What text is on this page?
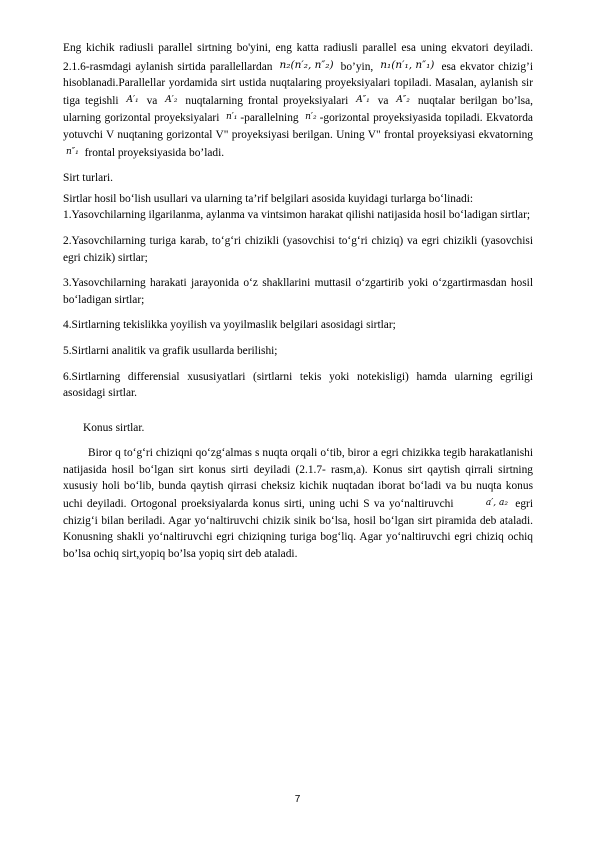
Eng kichik radiusli parallel sirtning bo'yini, eng katta radiusli parallel esa uning ekvatori deyiladi. 2.1.6-rasmdagi aylanish sirtida parallellardan n₂(n′₂, n″₂) bo’yin, n₁(n′₁, n″₁) esa ekvator chizig’i hisoblanadi.Parallellar yordamida sirt ustida nuqtalaring proyeksiyalari topiladi. Masalan, aylanish sir tiga tegishli A′₁ va A′₂ nuqtalarning frontal proyeksiyalari A″₁ va A″₂ nuqtalar berilgan bo’lsa, ularning gorizontal proyeksiyalari n′₁ -parallelning n′₂ -gorizontal proyeksiyasida topiladi. Ekvatorda yotuvchi V nuqtaning gorizontal V" proyeksiyasi berilgan. Uning V" frontal proyeksiyasi ekvatorning n″₁ frontal proyeksiyasida bo’ladi.

Sirt turlari.

Sirtlar hosil bo‘lish usullari va ularning ta’rif belgilari asosida kuyidagi turlarga bo‘linadi:

1.Yasovchilarning ilgarilanma, aylanma va vintsimon harakat qilishi natijasida hosil bo‘ladigan sirtlar;

2.Yasovchilarning turiga karab, to‘g‘ri chizikli (yasovchisi to‘g‘ri chiziq) va egri chizikli (yasovchisi egri chizik) sirtlar;

3.Yasovchilarning harakati jarayonida o‘z shakllarini muttasil o‘zgartirib yoki o‘zgartirmasdan hosil bo‘ladigan sirtlar;

4.Sirtlarning tekislikka yoyilish va yoyilmaslik belgilari asosidagi sirtlar;

5.Sirtlarni analitik va grafik usullarda berilishi;

6.Sirtlarning differensial xususiyatlari (sirtlarni tekis yoki notekisligi) hamda ularning egriligi asosidagi sirtlar.

Konus sirtlar.

Biror q to‘g‘ri chiziqni qo‘zg‘almas s nuqta orqali o‘tib, biror a egri chizikka tegib harakatlanishi natijasida hosil bo‘lgan sirt konus sirti deyiladi (2.1.7- rasm,a). Konus sirt qaytish qirrali sirtning xususiy holi bo‘lib, bunda qaytish qirrasi cheksiz kichik nuqtadan iborat bo‘ladi va bu nuqta konus uchi deyiladi. Ortogonal proeksiyalarda konus sirti, uning uchi S va yo‘naltiruvchi	a′, a₂ egri chizig‘i bilan beriladi. Agar yo‘naltiruvchi chizik sinik bo‘lsa, hosil bo‘lgan sirt piramida deb ataladi. Konusning shakli yo‘naltiruvchi egri chiziqning turiga bog‘liq. Agar yo‘naltiruvchi egri chiziq ochiq bo’lsa ochiq sirt,yopiq bo’lsa yopiq sirt deb ataladi.

7
